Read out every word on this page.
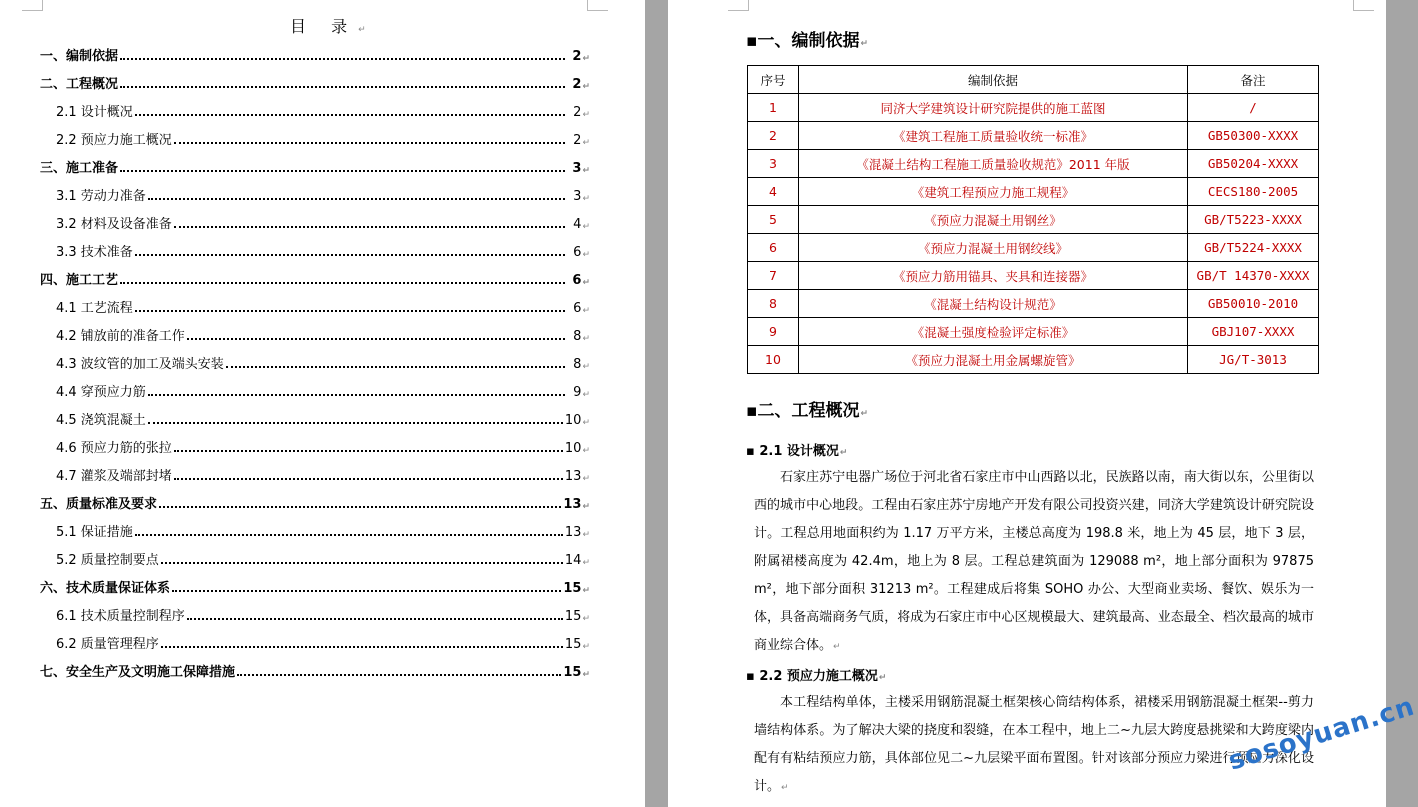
目 录↵
一、编制依据	2 ↵
二、工程概况	2 ↵
2.1 设计概况	2 ↵
2.2 预应力施工概况	2 ↵
三、施工准备	3 ↵
3.1 劳动力准备	3 ↵
3.2 材料及设备准备	4 ↵
3.3 技术准备	6 ↵
四、施工工艺	6 ↵
4.1 工艺流程	6 ↵
4.2 铺放前的准备工作	8 ↵
4.3 波纹管的加工及端头安装	8 ↵
4.4 穿预应力筋	9 ↵
4.5 浇筑混凝土	10 ↵
4.6 预应力筋的张拉	10 ↵
4.7 灌浆及端部封堵	13 ↵
五、质量标准及要求	13 ↵
5.1 保证措施	13 ↵
5.2 质量控制要点	14 ↵
六、技术质量保证体系	15 ↵
6.1 技术质量控制程序	15 ↵
6.2 质量管理程序	15 ↵
七、安全生产及文明施工保障措施	15 ↵
▪一、编制依据↵
序号	编制依据	备注
1	同济大学建筑设计研究院提供的施工蓝图	/
2	《建筑工程施工质量验收统一标准》	GB50300-XXXX
3	《混凝土结构工程施工质量验收规范》2011 年版	GB50204-XXXX
4	《建筑工程预应力施工规程》	CECS180-2005
5	《预应力混凝土用钢丝》	GB/T5223-XXXX
6	《预应力混凝土用钢绞线》	GB/T5224-XXXX
7	《预应力筋用锚具、夹具和连接器》	GB/T 14370-XXXX
8	《混凝土结构设计规范》	GB50010-2010
9	《混凝土强度检验评定标准》	GBJ107-XXXX
10	《预应力混凝土用金属螺旋管》	JG/T-3013
▪二、工程概况↵
▪ 2.1 设计概况↵
石家庄苏宁电器广场位于河北省石家庄市中山西路以北，民族路以南，南大街以东，公里街以西的城市中心地段。工程由石家庄苏宁房地产开发有限公司投资兴建，同济大学建筑设计研究院设计。工程总用地面积约为 1.17 万平方米，主楼总高度为 198.8 米，地上为 45 层，地下 3 层，附属裙楼高度为 42.4m，地上为 8 层。工程总建筑面为 129088 m²，地上部分面积为 97875 m²，地下部分面积 31213 m²。工程建成后将集 SOHO 办公、大型商业卖场、餐饮、娱乐为一体，具备高端商务气质，将成为石家庄市中心区规模最大、建筑最高、业态最全、档次最高的城市商业综合体。↵
▪ 2.2 预应力施工概况↵
本工程结构单体，主楼采用钢筋混凝土框架核心筒结构体系，裙楼采用钢筋混凝土框架--剪力墙结构体系。为了解决大梁的挠度和裂缝，在本工程中，地上二~九层大跨度悬挑梁和大跨度梁内配有有粘结预应力筋，具体部位见二~九层梁平面布置图。针对该部分预应力梁进行预应力深化设计。↵
sosoyuan.cn
